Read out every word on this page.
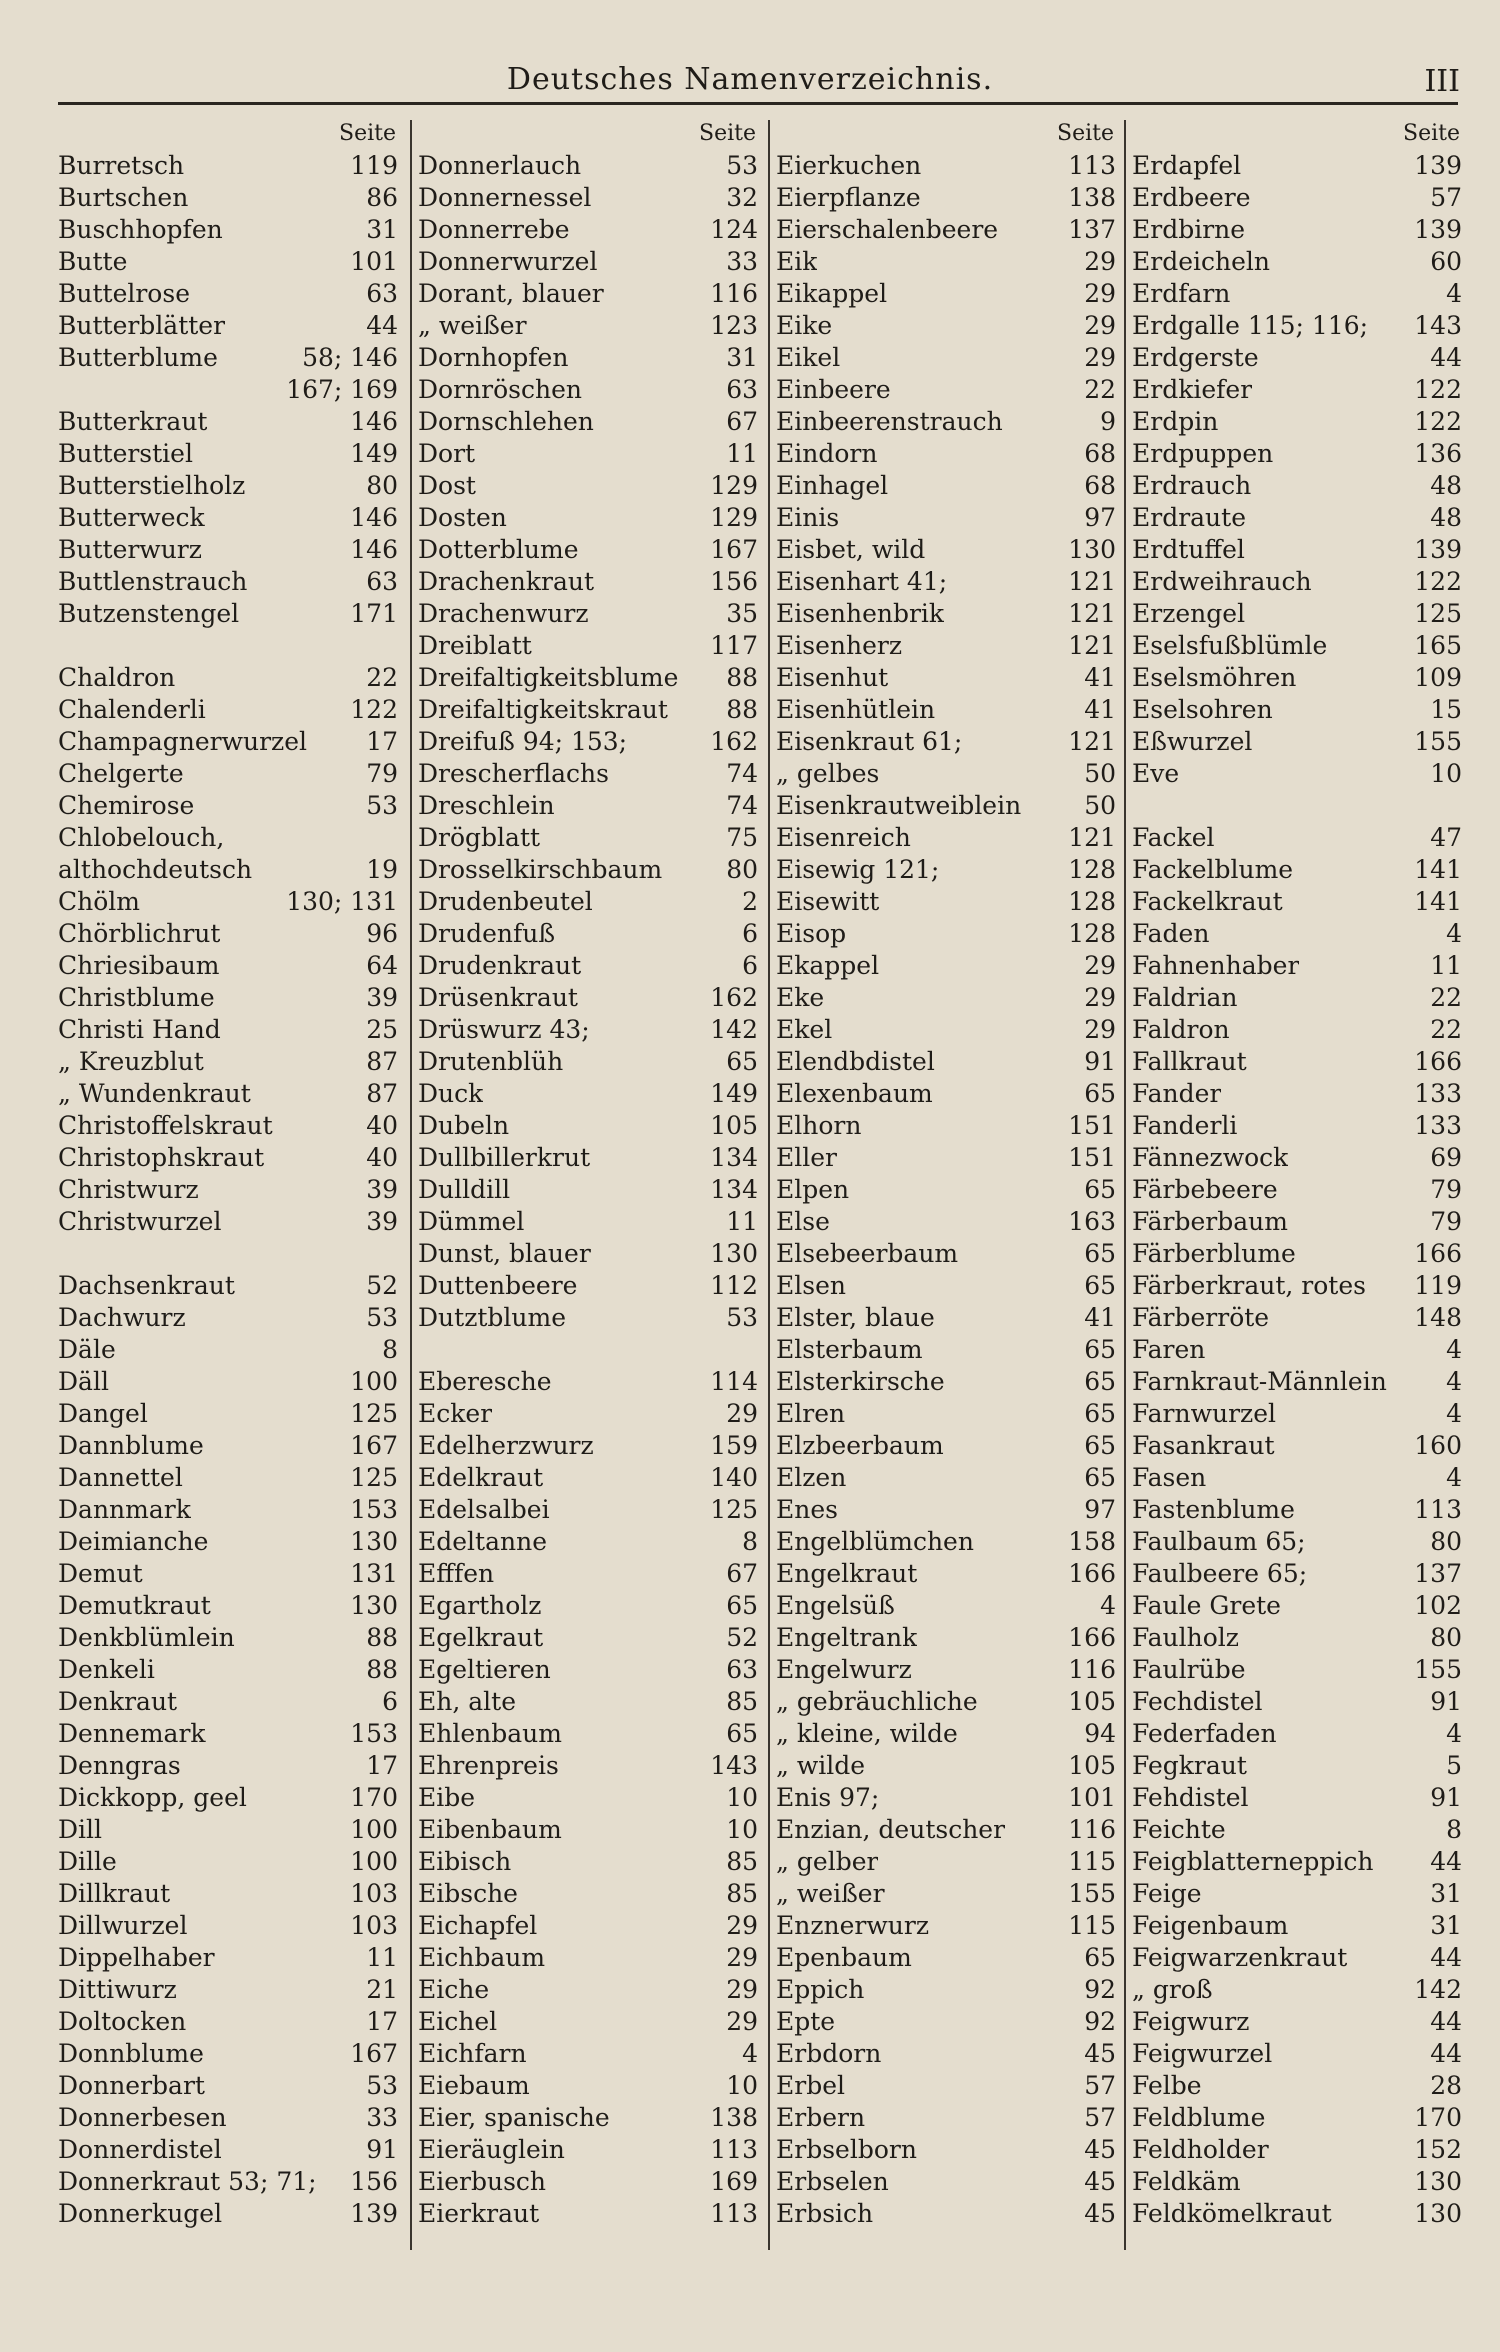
Deutsches Namenverzeichnis.	III
Seite
Burretsch	119
Burtschen	86
Buschhopfen	31
Butte	101
Buttelrose	63
Butterblätter	44
Butterblume	58; 146
167; 169
Butterkraut	146
Butterstiel	149
Butterstielholz	80
Butterweck	146
Butterwurz	146
Buttlenstrauch	63
Butzenstengel	171
Chaldron	22
Chalenderli	122
Champagnerwurzel 17
Chelgerte	79
Chemirose	53
Chlobelouch,
althochdeutsch	19
Chölm	130; 131
Chörblichrut	96
Chriesibaum	64
Christblume	39
Christi Hand	25
„ Kreuzblut	87
„ Wundenkraut	87
Christoffelskraut	40
Christophskraut	40
Christwurz	39
Christwurzel	39
Dachsenkraut	52
Dachwurz	53
Däle	8
Däll	100
Dangel	125
Dannblume	167
Dannettel	125
Dannmark	153
Deimianche	130
Demut	131
Demutkraut	130
Denkblümlein	88
Denkeli	88
Denkraut	6
Dennemark	153
Denngras	17
Dickkopp, geel	170
Dill	100
Dille	100
Dillkraut	103
Dillwurzel	103
Dippelhaber	11
Dittiwurz	21
Doltocken	17
Donnblume	167
Donnerbart	53
Donnerbesen	33
Donnerdistel	91
Donnerkraut 53; 71; 156
Donnerkugel	139
Seite
Donnerlauch	53
Donnernessel	32
Donnerrebe	124
Donnerwurzel	33
Dorant, blauer	116
„ weißer	123
Dornhopfen	31
Dornröschen	63
Dornschlehen	67
Dort	11
Dost	129
Dosten	129
Dotterblume	167
Drachenkraut	156
Drachenwurz	35
Dreiblatt	117
Dreifaltigkeitsblume 88
Dreifaltigkeitskraut 88
Dreifuß 94; 153;	162
Drescherflachs	74
Dreschlein	74
Drögblatt	75
Drosselkirschbaum	80
Drudenbeutel	2
Drudenfuß	6
Drudenkraut	6
Drüsenkraut	162
Drüswurz 43;	142
Drutenblüh	65
Duck	149
Dubeln	105
Dullbillerkrut	134
Dulldill	134
Dümmel	11
Dunst, blauer	130
Duttenbeere	112
Dutztblume	53
Eberesche	114
Ecker	29
Edelherzwurz	159
Edelkraut	140
Edelsalbei	125
Edeltanne	8
Efffen	67
Egartholz	65
Egelkraut	52
Egeltieren	63
Eh, alte	85
Ehlenbaum	65
Ehrenpreis	143
Eibe	10
Eibenbaum	10
Eibisch	85
Eibsche	85
Eichapfel	29
Eichbaum	29
Eiche	29
Eichel	29
Eichfarn	4
Eiebaum	10
Eier, spanische	138
Eieräuglein	113
Eierbusch	169
Eierkraut	113
Seite
Eierkuchen	113
Eierpflanze	138
Eierschalenbeere	137
Eik	29
Eikappel	29
Eike	29
Eikel	29
Einbeere	22
Einbeerenstrauch	9
Eindorn	68
Einhagel	68
Einis	97
Eisbet, wild	130
Eisenhart 41;	121
Eisenhenbrik	121
Eisenherz	121
Eisenhut	41
Eisenhütlein	41
Eisenkraut 61;	121
„ gelbes	50
Eisenkrautweiblein	50
Eisenreich	121
Eisewig 121;	128
Eisewitt	128
Eisop	128
Ekappel	29
Eke	29
Ekel	29
Elendbdistel	91
Elexenbaum	65
Elhorn	151
Eller	151
Elpen	65
Else	163
Elsebeerbaum	65
Elsen	65
Elster, blaue	41
Elsterbaum	65
Elsterkirsche	65
Elren	65
Elzbeerbaum	65
Elzen	65
Enes	97
Engelblümchen	158
Engelkraut	166
Engelsüß	4
Engeltrank	166
Engelwurz	116
„ gebräuchliche	105
„ kleine, wilde	94
„ wilde	105
Enis 97;	101
Enzian, deutscher	116
„ gelber	115
„ weißer	155
Enznerwurz	115
Epenbaum	65
Eppich	92
Epte	92
Erbdorn	45
Erbel	57
Erbern	57
Erbselborn	45
Erbselen	45
Erbsich	45
Seite
Erdapfel	139
Erdbeere	57
Erdbirne	139
Erdeicheln	60
Erdfarn	4
Erdgalle 115; 116; 143
Erdgerste	44
Erdkiefer	122
Erdpin	122
Erdpuppen	136
Erdrauch	48
Erdraute	48
Erdtuffel	139
Erdweihrauch	122
Erzengel	125
Eselsfußblümle	165
Eselsmöhren	109
Eselsohren	15
Eßwurzel	155
Eve	10
Fackel	47
Fackelblume	141
Fackelkraut	141
Faden	4
Fahnenhaber	11
Faldrian	22
Faldron	22
Fallkraut	166
Fander	133
Fanderli	133
Fännezwock	69
Färbebeere	79
Färberbaum	79
Färberblume	166
Färberkraut, rotes 119
Färberröte	148
Faren	4
Farnkraut-Männlein 4
Farnwurzel	4
Fasankraut	160
Fasen	4
Fastenblume	113
Faulbaum 65;	80
Faulbeere 65;	137
Faule Grete	102
Faulholz	80
Faulrübe	155
Fechdistel	91
Federfaden	4
Fegkraut	5
Fehdistel	91
Feichte	8
Feigblatterneppich 44
Feige	31
Feigenbaum	31
Feigwarzenkraut	44
„ groß	142
Feigwurz	44
Feigwurzel	44
Felbe	28
Feldblume	170
Feldholder	152
Feldkäm	130
Feldkömelkraut	130
